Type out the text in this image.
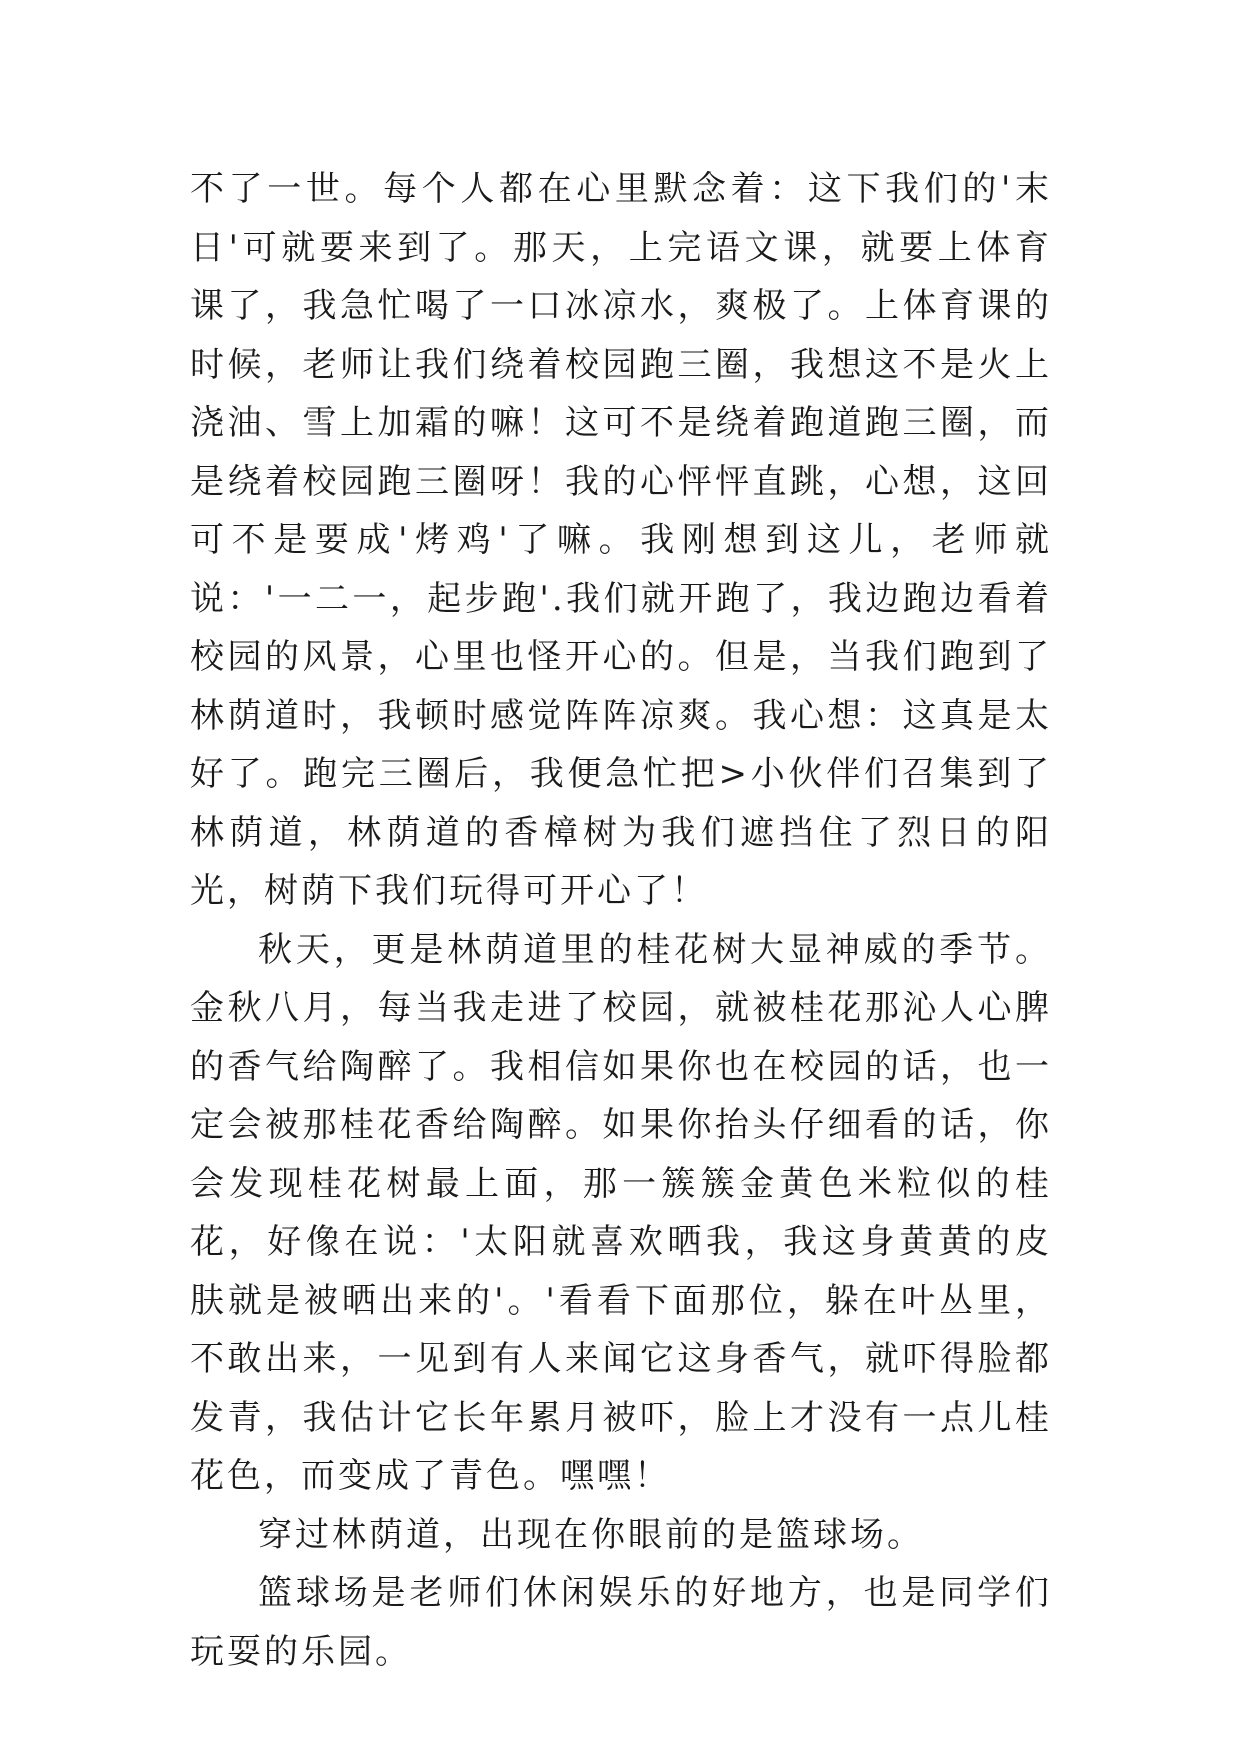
不了一世。每个人都在心里默念着：这下我们的'末日'可就要来到了。那天，上完语文课，就要上体育课了，我急忙喝了一口冰凉水，爽极了。上体育课的时候，老师让我们绕着校园跑三圈，我想这不是火上浇油、雪上加霜的嘛！这可不是绕着跑道跑三圈，而是绕着校园跑三圈呀！我的心怦怦直跳，心想，这回可不是要成'烤鸡'了嘛。我刚想到这儿，老师就说：'一二一，起步跑'.我们就开跑了，我边跑边看着校园的风景，心里也怪开心的。但是，当我们跑到了林荫道时，我顿时感觉阵阵凉爽。我心想：这真是太好了。跑完三圈后，我便急忙把>小伙伴们召集到了林荫道，林荫道的香樟树为我们遮挡住了烈日的阳光，树荫下我们玩得可开心了！

秋天，更是林荫道里的桂花树大显神威的季节。金秋八月，每当我走进了校园，就被桂花那沁人心脾的香气给陶醉了。我相信如果你也在校园的话，也一定会被那桂花香给陶醉。如果你抬头仔细看的话，你会发现桂花树最上面，那一簇簇金黄色米粒似的桂花，好像在说：'太阳就喜欢晒我，我这身黄黄的皮肤就是被晒出来的'。'看看下面那位，躲在叶丛里，不敢出来，一见到有人来闻它这身香气，就吓得脸都发青，我估计它长年累月被吓，脸上才没有一点儿桂花色，而变成了青色。嘿嘿！

穿过林荫道，出现在你眼前的是篮球场。

篮球场是老师们休闲娱乐的好地方，也是同学们玩耍的乐园。
